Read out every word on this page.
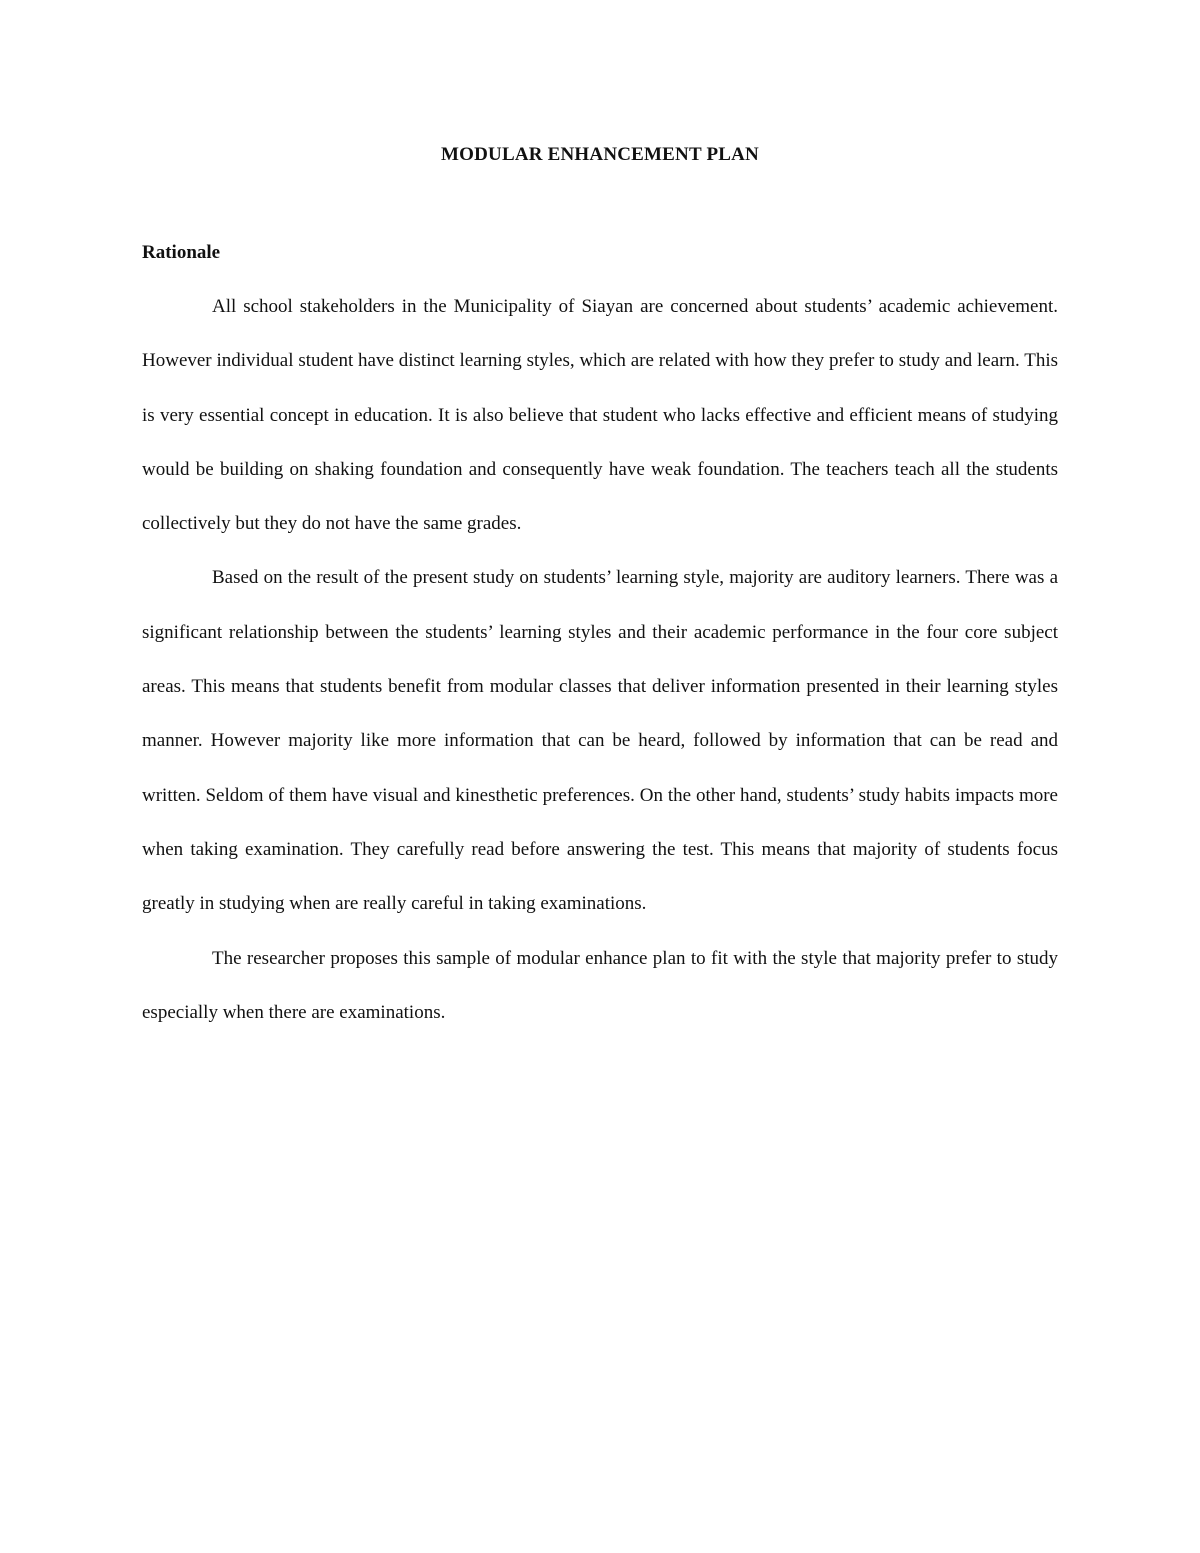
MODULAR ENHANCEMENT PLAN
Rationale

All school stakeholders in the Municipality of Siayan are concerned about students’ academic achievement. However individual student have distinct learning styles, which are related with how they prefer to study and learn. This is very essential concept in education. It is also believe that student who lacks effective and efficient means of studying would be building on shaking foundation and consequently have weak foundation. The teachers teach all the students collectively but they do not have the same grades.

Based on the result of the present study on students’ learning style, majority are auditory learners. There was a significant relationship between the students’ learning styles and their academic performance in the four core subject areas. This means that students benefit from modular classes that deliver information presented in their learning styles manner. However majority like more information that can be heard, followed by information that can be read and written. Seldom of them have visual and kinesthetic preferences. On the other hand, students’ study habits impacts more when taking examination. They carefully read before answering the test. This means that majority of students focus greatly in studying when are really careful in taking examinations.

The researcher proposes this sample of modular enhance plan to fit with the style that majority prefer to study especially when there are examinations.
